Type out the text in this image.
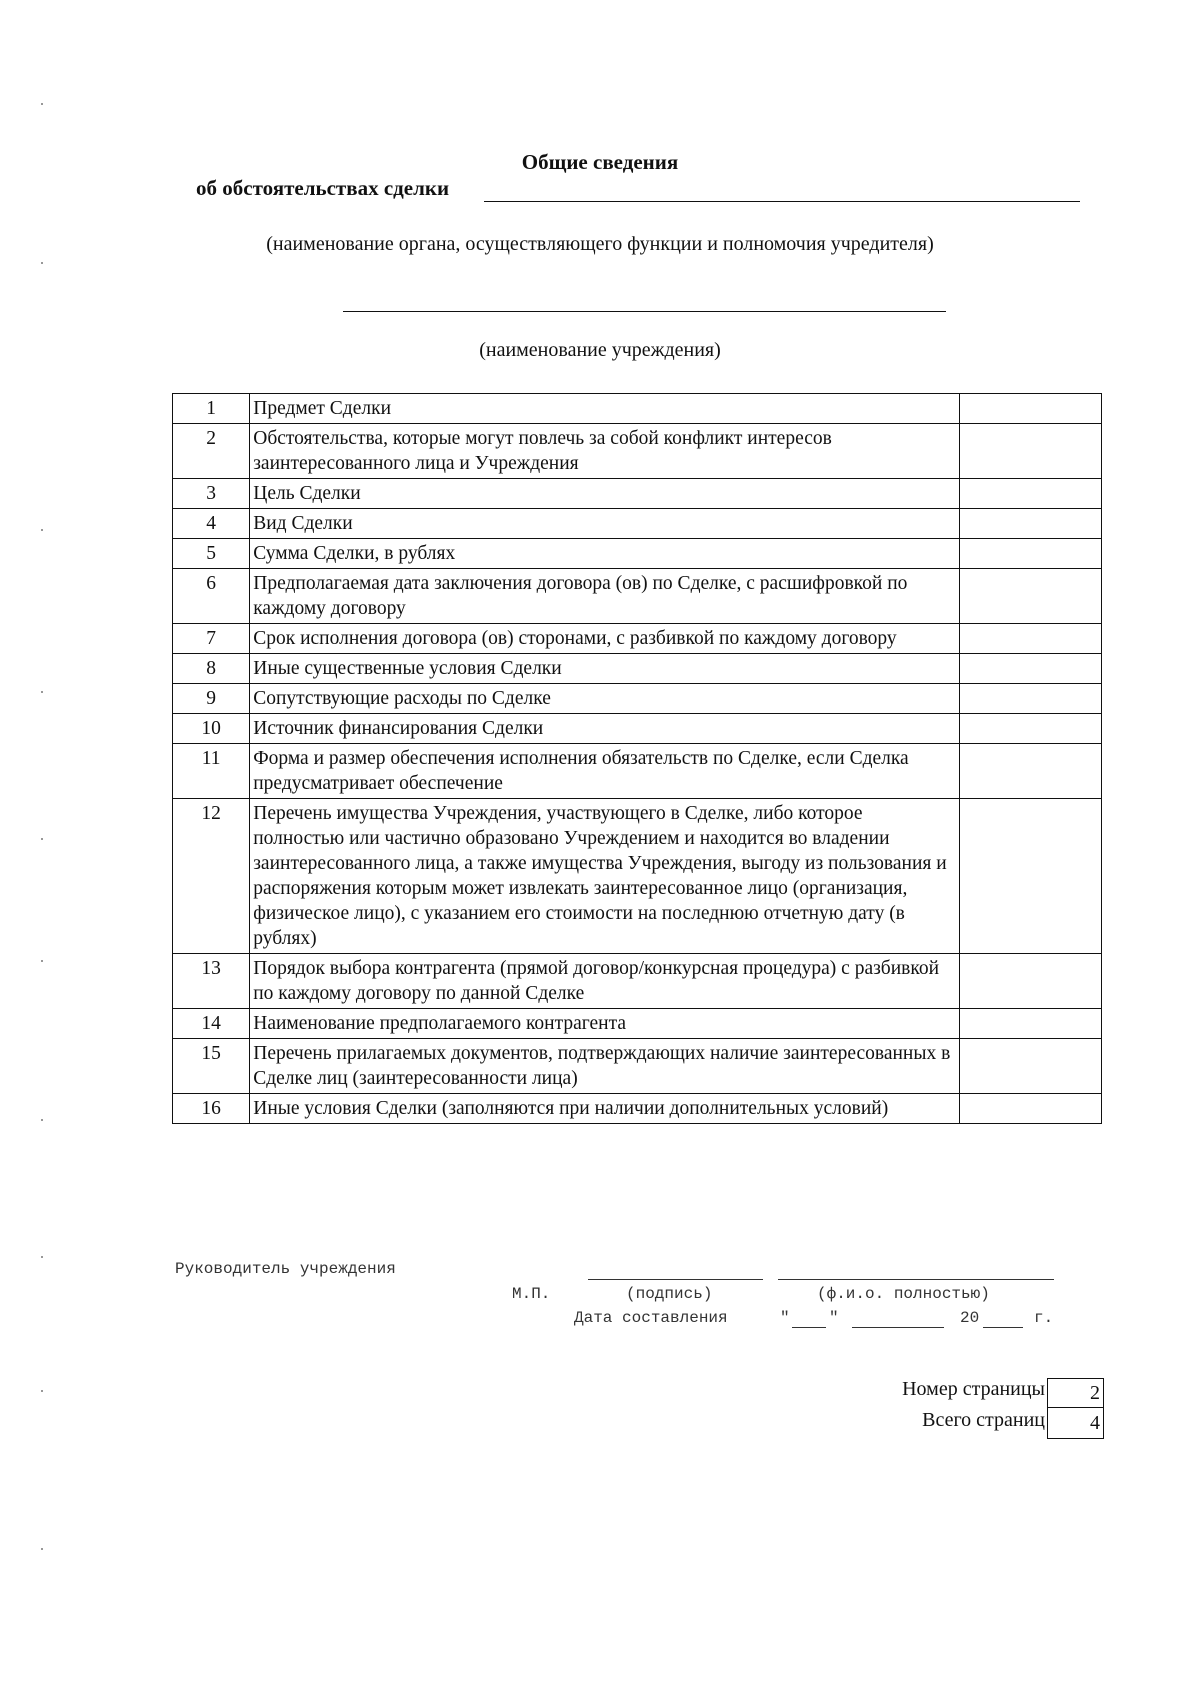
Общие сведения
об обстоятельствах сделки
(наименование органа, осуществляющего функции и полномочия учредителя)
(наименование учреждения)
1	Предмет Сделки	
2	Обстоятельства, которые могут повлечь за собой конфликт интересов заинтересованного лица и Учреждения	
3	Цель Сделки	
4	Вид Сделки	
5	Сумма Сделки, в рублях	
6	Предполагаемая дата заключения договора (ов) по Сделке, с расшифровкой по каждому договору	
7	Срок исполнения договора (ов) сторонами, с разбивкой по каждому договору	
8	Иные существенные условия Сделки	
9	Сопутствующие расходы по Сделке	
10	Источник финансирования Сделки	
11	Форма и размер обеспечения исполнения обязательств по Сделке, если Сделка предусматривает обеспечение	
12	Перечень имущества Учреждения, участвующего в Сделке, либо которое полностью или частично образовано Учреждением и находится во владении заинтересованного лица, а также имущества Учреждения, выгоду из пользования и распоряжения которым может извлекать заинтересованное лицо (организация, физическое лицо), с указанием его стоимости на последнюю отчетную дату (в рублях)	
13	Порядок выбора контрагента (прямой договор/конкурсная процедура) с разбивкой по каждому договору по данной Сделке	
14	Наименование предполагаемого контрагента	
15	Перечень прилагаемых документов, подтверждающих наличие заинтересованных в Сделке лиц (заинтересованности лица)	
16	Иные условия Сделки (заполняются при наличии дополнительных условий)	
Руководитель учреждения
М.П.	(подпись)	(ф.и.о. полностью)
Дата составления	" "	20	г.
Номер страницы	2
Всего страниц	4
